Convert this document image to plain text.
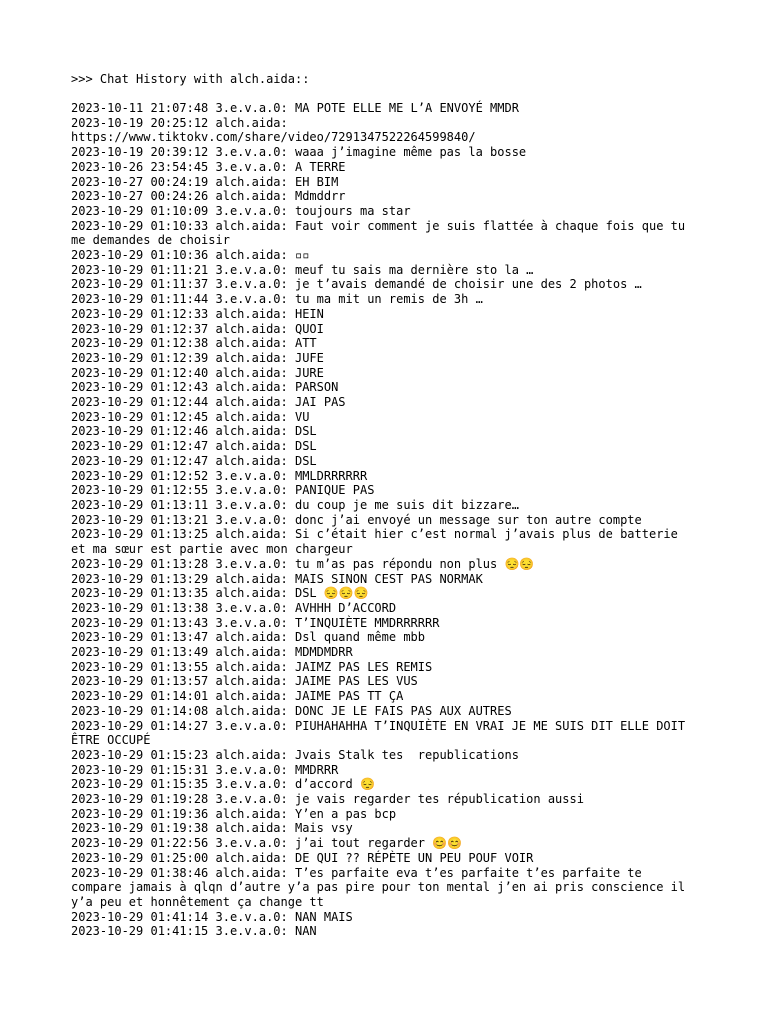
>>> Chat History with alch.aida::
2023-10-11 21:07:48 3.e.v.a.0: MA POTE ELLE ME L’A ENVOYÉ MMDR
2023-10-19 20:25:12 alch.aida:
https://www.tiktokv.com/share/video/7291347522264599840/
2023-10-19 20:39:12 3.e.v.a.0: waaa j’imagine même pas la bosse
2023-10-26 23:54:45 3.e.v.a.0: A TERRE
2023-10-27 00:24:19 alch.aida: EH BIM
2023-10-27 00:24:26 alch.aida: Mdmddrr
2023-10-29 01:10:09 3.e.v.a.0: toujours ma star
2023-10-29 01:10:33 alch.aida: Faut voir comment je suis flattée à chaque fois que tu me demandes de choisir
2023-10-29 01:10:36 alch.aida: ▫▫
2023-10-29 01:11:21 3.e.v.a.0: meuf tu sais ma dernière sto la …
2023-10-29 01:11:37 3.e.v.a.0: je t’avais demandé de choisir une des 2 photos …
2023-10-29 01:11:44 3.e.v.a.0: tu ma mit un remis de 3h …
2023-10-29 01:12:33 alch.aida: HEIN
2023-10-29 01:12:37 alch.aida: QUOI
2023-10-29 01:12:38 alch.aida: ATT
2023-10-29 01:12:39 alch.aida: JUFE
2023-10-29 01:12:40 alch.aida: JURE
2023-10-29 01:12:43 alch.aida: PARSON
2023-10-29 01:12:44 alch.aida: JAI PAS
2023-10-29 01:12:45 alch.aida: VU
2023-10-29 01:12:46 alch.aida: DSL
2023-10-29 01:12:47 alch.aida: DSL
2023-10-29 01:12:47 alch.aida: DSL
2023-10-29 01:12:52 3.e.v.a.0: MMLDRRRRRR
2023-10-29 01:12:55 3.e.v.a.0: PANIQUE PAS
2023-10-29 01:13:11 3.e.v.a.0: du coup je me suis dit bizzare…
2023-10-29 01:13:21 3.e.v.a.0: donc j’ai envoyé un message sur ton autre compte
2023-10-29 01:13:25 alch.aida: Si c’était hier c’est normal j’avais plus de batterie et ma sœur est partie avec mon chargeur
2023-10-29 01:13:28 3.e.v.a.0: tu m’as pas répondu non plus 😔😔
2023-10-29 01:13:29 alch.aida: MAIS SINON CEST PAS NORMAK
2023-10-29 01:13:35 alch.aida: DSL 😔😔😔
2023-10-29 01:13:38 3.e.v.a.0: AVHHH D’ACCORD
2023-10-29 01:13:43 3.e.v.a.0: T’INQUIÈTE MMDRRRRRR
2023-10-29 01:13:47 alch.aida: Dsl quand même mbb
2023-10-29 01:13:49 alch.aida: MDMDMDRR
2023-10-29 01:13:55 alch.aida: JAIMZ PAS LES REMIS
2023-10-29 01:13:57 alch.aida: JAIME PAS LES VUS
2023-10-29 01:14:01 alch.aida: JAIME PAS TT ÇA
2023-10-29 01:14:08 alch.aida: DONC JE LE FAIS PAS AUX AUTRES
2023-10-29 01:14:27 3.e.v.a.0: PIUHAHAHHA T’INQUIÈTE EN VRAI JE ME SUIS DIT ELLE DOIT ÊTRE OCCUPÉ
2023-10-29 01:15:23 alch.aida: Jvais Stalk tes  republications
2023-10-29 01:15:31 3.e.v.a.0: MMDRRR
2023-10-29 01:15:35 3.e.v.a.0: d’accord 😔
2023-10-29 01:19:28 3.e.v.a.0: je vais regarder tes républication aussi
2023-10-29 01:19:36 alch.aida: Y’en a pas bcp
2023-10-29 01:19:38 alch.aida: Mais vsy
2023-10-29 01:22:56 3.e.v.a.0: j’ai tout regarder 😊😊
2023-10-29 01:25:00 alch.aida: DE QUI ?? RÉPÈTE UN PEU POUF VOIR
2023-10-29 01:38:46 alch.aida: T’es parfaite eva t’es parfaite t’es parfaite te compare jamais à qlqn d’autre y’a pas pire pour ton mental j’en ai pris conscience il y’a peu et honnêtement ça change tt
2023-10-29 01:41:14 3.e.v.a.0: NAN MAIS
2023-10-29 01:41:15 3.e.v.a.0: NAN
